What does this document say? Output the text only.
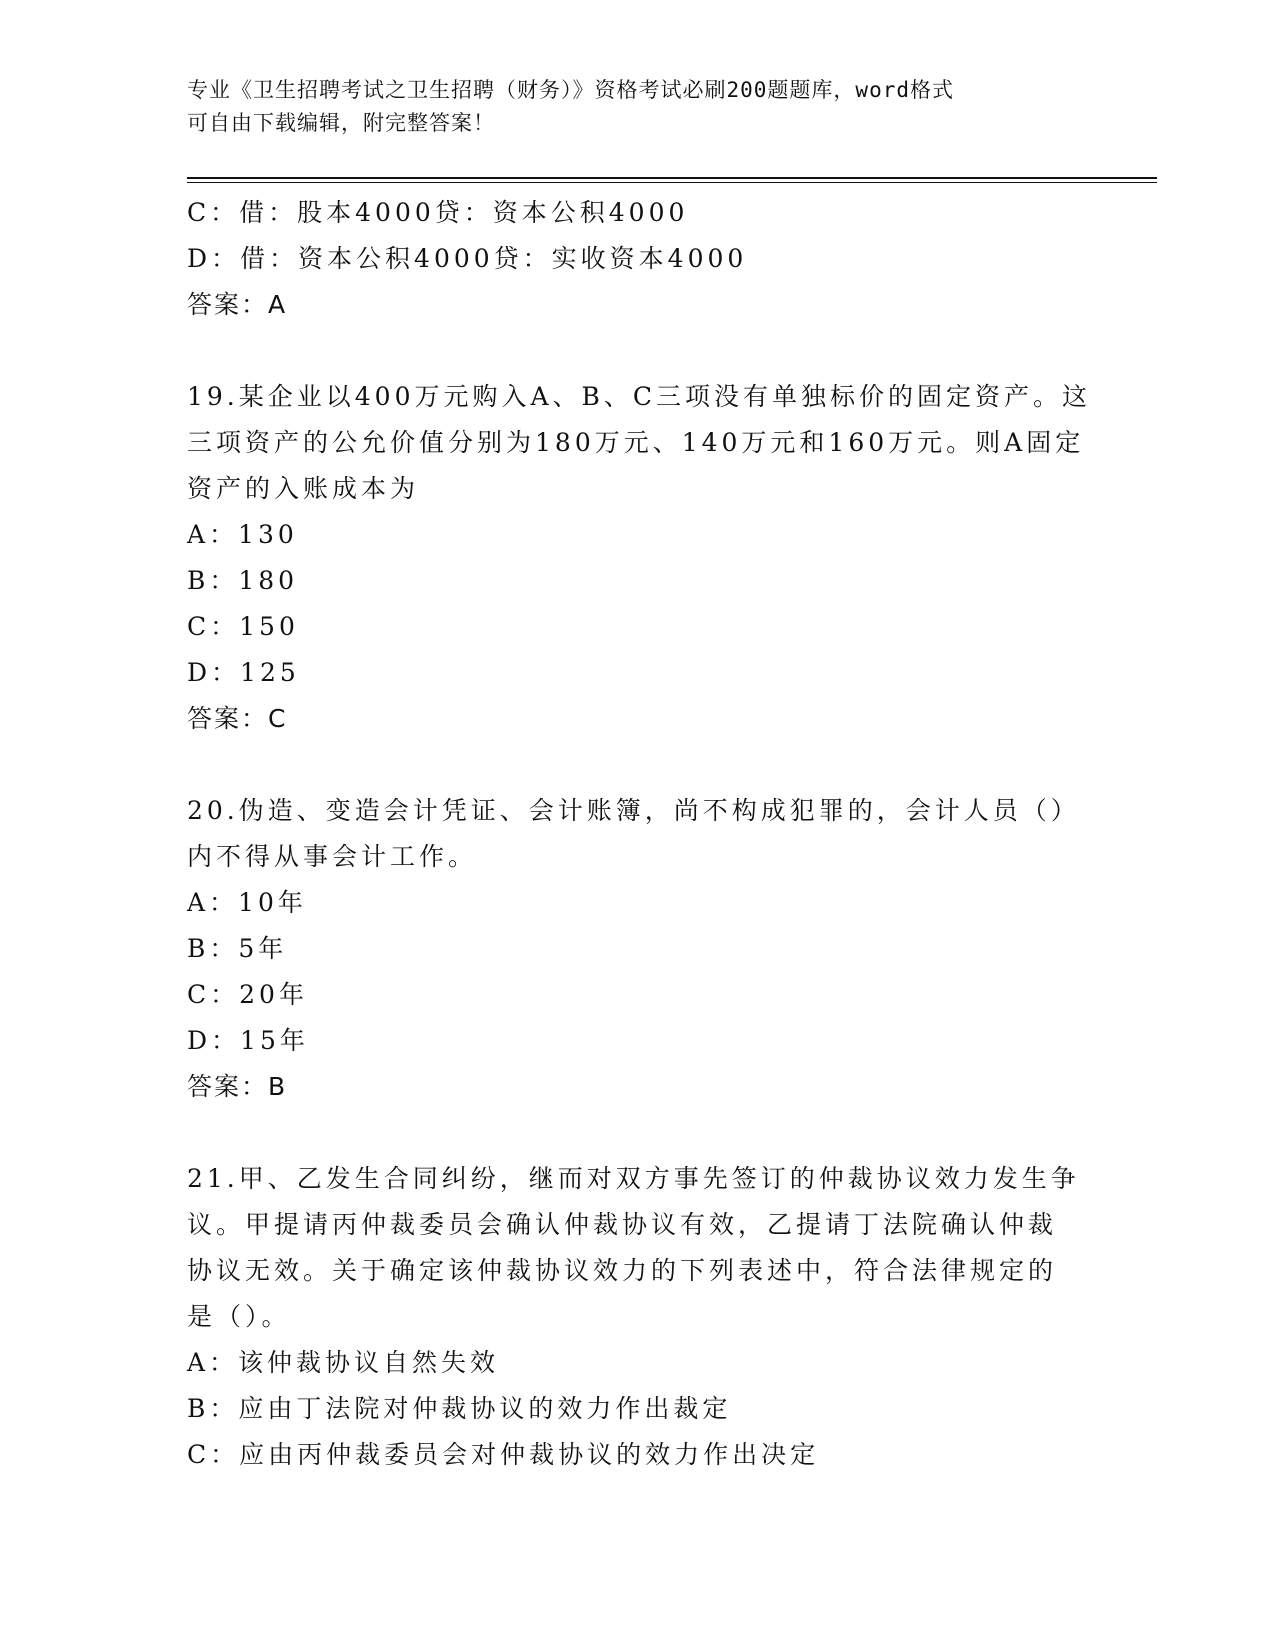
专业《卫生招聘考试之卫生招聘（财务）》资格考试必刷200题题库，word格式
可自由下载编辑，附完整答案！
C：借：股本4000贷：资本公积4000
D：借：资本公积4000贷：实收资本4000
答案：A
19.某企业以400万元购入A、B、C三项没有单独标价的固定资产。这
三项资产的公允价值分别为180万元、140万元和160万元。则A固定
资产的入账成本为
A：130
B：180
C：150
D：125
答案：C
20.伪造、变造会计凭证、会计账簿，尚不构成犯罪的，会计人员（）
内不得从事会计工作。
A：10年
B：5年
C：20年
D：15年
答案：B
21.甲、乙发生合同纠纷，继而对双方事先签订的仲裁协议效力发生争
议。甲提请丙仲裁委员会确认仲裁协议有效，乙提请丁法院确认仲裁
协议无效。关于确定该仲裁协议效力的下列表述中，符合法律规定的
是（）。
A：该仲裁协议自然失效
B：应由丁法院对仲裁协议的效力作出裁定
C：应由丙仲裁委员会对仲裁协议的效力作出决定
